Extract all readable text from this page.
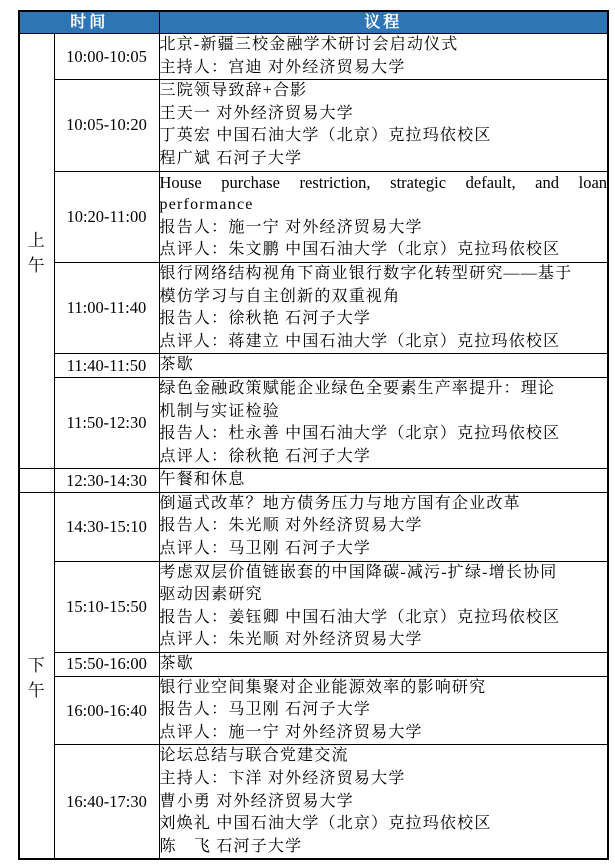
时间		议程
上午	10:00-10:05	北京-新疆三校金融学术研讨会启动仪式
主持人：宫迪 对外经济贸易大学

	10:05-10:20	三院领导致辞+合影
王天一 对外经济贸易大学
丁英宏 中国石油大学（北京）克拉玛依校区
程广斌 石河子大学

	10:20-11:00	House purchase restriction, strategic default, and loan
performance
报告人：施一宁 对外经济贸易大学
点评人：朱文鹏 中国石油大学（北京）克拉玛依校区

	11:00-11:40	银行网络结构视角下商业银行数字化转型研究——基于
模仿学习与自主创新的双重视角
报告人：徐秋艳 石河子大学
点评人：蒋建立 中国石油大学（北京）克拉玛依校区

	11:40-11:50	茶歇

	11:50-12:30	绿色金融政策赋能企业绿色全要素生产率提升：理论
机制与实证检验
报告人：杜永善 中国石油大学（北京）克拉玛依校区
点评人：徐秋艳 石河子大学

	12:30-14:30	午餐和休息

下午	14:30-15:10	倒逼式改革？地方债务压力与地方国有企业改革
报告人：朱光顺 对外经济贸易大学
点评人：马卫刚 石河子大学

	15:10-15:50	考虑双层价值链嵌套的中国降碳-减污-扩绿-增长协同
驱动因素研究
报告人：姜钰卿 中国石油大学（北京）克拉玛依校区
点评人：朱光顺 对外经济贸易大学

	15:50-16:00	茶歇

	16:00-16:40	银行业空间集聚对企业能源效率的影响研究
报告人：马卫刚 石河子大学
点评人：施一宁 对外经济贸易大学

	16:40-17:30	论坛总结与联合党建交流
主持人：卞洋 对外经济贸易大学
曹小勇 对外经济贸易大学
刘焕礼 中国石油大学（北京）克拉玛依校区
陈　飞 石河子大学
